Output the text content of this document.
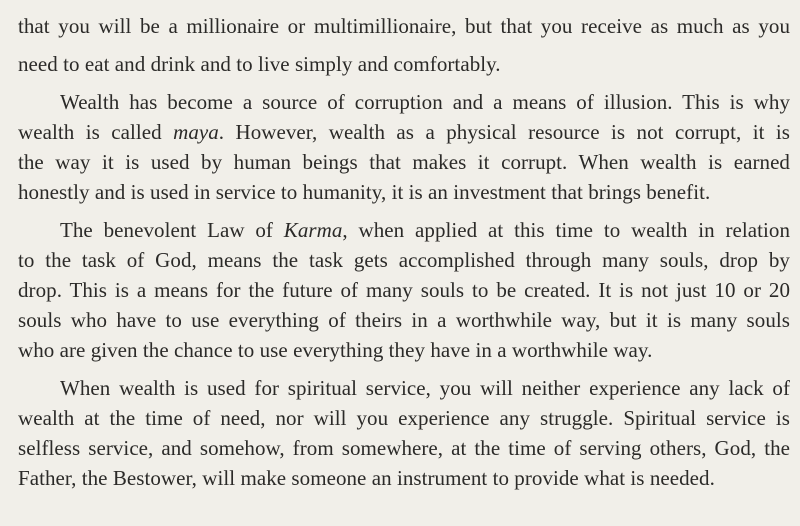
that you will be a millionaire or multimillionaire, but that you receive as much as you
need to eat and drink and to live simply and comfortably.
Wealth has become a source of corruption and a means of illusion. This is why
wealth is called maya. However, wealth as a physical resource is not corrupt, it is
the way it is used by human beings that makes it corrupt. When wealth is earned
honestly and is used in service to humanity, it is an investment that brings benefit.
The benevolent Law of Karma, when applied at this time to wealth in relation
to the task of God, means the task gets accomplished through many souls, drop by
drop. This is a means for the future of many souls to be created. It is not just 10 or 20
souls who have to use everything of theirs in a worthwhile way, but it is many souls
who are given the chance to use everything they have in a worthwhile way.
When wealth is used for spiritual service, you will neither experience any lack of
wealth at the time of need, nor will you experience any struggle. Spiritual service is
selfless service, and somehow, from somewhere, at the time of serving others, God, the
Father, the Bestower, will make someone an instrument to provide what is needed.
